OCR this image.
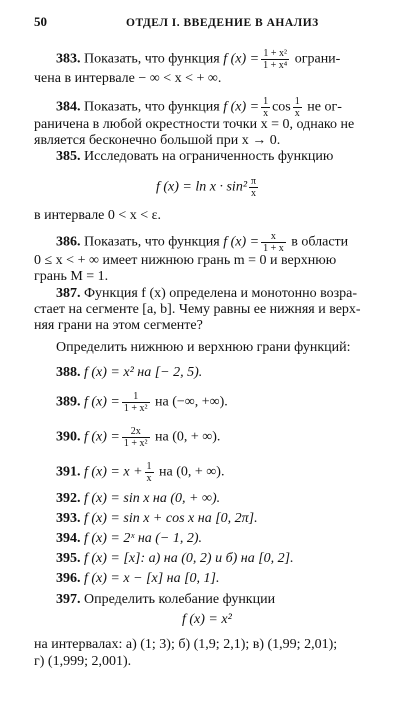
50	ОТДЕЛ I. ВВЕДЕНИЕ В АНАЛИЗ
383. Показать, что функция f $(x) = \frac{\text{1 + x²}}{\text{1 + x⁴}}$ ограни-
чена в интервале − ∞ < x < + ∞.
384. Показать, что функция f $(x) = \frac{1}{x}$ $\cos \frac{1}{x}$ не ог-
раничена в любой окрестности точки x = 0, однако не
является бесконечно большой при x → 0.
385. Исследовать на ограниченность функцию
f $(x) = \ln x \cdot \sin^2 \frac{\pi}{x}$
в интервале 0 < x < ε.
386. Показать, что функция f $(x) = \frac{x}{1 + x}$ в области
0 ≤ x < + ∞ имеет нижнюю грань m = 0 и верхнюю
грань M = 1.
387. Функция f (x) определена и монотонно возра-
стает на сегменте [a, b]. Чему равны ее нижняя и верх-
няя грани на этом сегменте?
Определить нижнюю и верхнюю грани функций:
388. f (x) = x² на [− 2, 5).
389. f $(x) = \frac{1}{\text{1 + x²}}$ на (−∞, +∞).
390. f $(x) = \frac{2x}{\text{1 + x²}}$ на (0, + ∞).
391. f $(x) = x + \frac{1}{x}$ на (0, + ∞).
392. f (x) = sin x на (0, + ∞).
393. f (x) = sin x + cos x на [0, 2π].
394. f (x) = 2ˣ на (− 1, 2).
395. f (x) = [x]: а) на (0, 2) и б) на [0, 2].
396. f (x) = x − [x] на [0, 1].
397. Определить колебание функции
f (x) = x²
на интервалах: а) (1; 3); б) (1,9; 2,1); в) (1,99; 2,01);
г) (1,999; 2,001).
